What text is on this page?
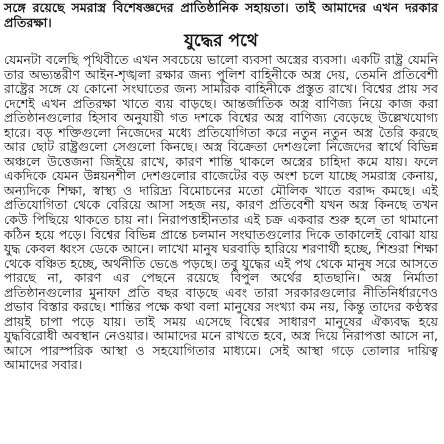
সঙ্গে রয়েছে সমরাস্ত্র বিশেষজ্ঞদের প্রাতিষ্ঠানিক সহায়তা। তাই আমাদের এখন দরকার প্রতিরক্ষা।

যুদ্ধের পথে

যেমনটা বলেছি পৃথিবীতে এখন সবচেয়ে ভালো ব্যবসা অস্ত্রের ব্যবসা। একটি রাষ্ট্র যেমনি তার অভ্যন্তরীণ আইন-শৃঙ্খলা রক্ষার জন্য পুলিশ বাহিনীকে অস্ত্র দেয়, তেমনি প্রতিবেশী রাষ্ট্রের সঙ্গে যে কোনো সংঘাতের জন্য সামরিক বাহিনীকে প্রস্তুত রাখে। বিশ্বের প্রায় সব দেশেই এখন প্রতিরক্ষা খাতে ব্যয় বাড়ছে। আন্তর্জাতিক অস্ত্র বাণিজ্য নিয়ে কাজ করা প্রতিষ্ঠানগুলোর হিসাব অনুযায়ী গত দশকে বিশ্বের অস্ত্র বাণিজ্য বেড়েছে উল্লেখযোগ্য হারে। বড় শক্তিগুলো নিজেদের মধ্যে প্রতিযোগিতা করে নতুন নতুন অস্ত্র তৈরি করছে আর ছোট রাষ্ট্রগুলো সেগুলো কিনছে। অস্ত্র বিক্রেতা দেশগুলো নিজেদের স্বার্থে বিভিন্ন অঞ্চলে উত্তেজনা জিইয়ে রাখে, কারণ শান্তি থাকলে অস্ত্রের চাহিদা কমে যায়। ফলে একদিকে যেমন উন্নয়নশীল দেশগুলোর বাজেটের বড় অংশ চলে যাচ্ছে সমরাস্ত্র কেনায়, অন্যদিকে শিক্ষা, স্বাস্থ্য ও দারিদ্র্য বিমোচনের মতো মৌলিক খাতে বরাদ্দ কমছে। এই প্রতিযোগিতা থেকে বেরিয়ে আসা সহজ নয়, কারণ প্রতিবেশী যখন অস্ত্র কিনছে তখন কেউ পিছিয়ে থাকতে চায় না। নিরাপত্তাহীনতার এই চক্র একবার শুরু হলে তা থামানো কঠিন হয়ে পড়ে। বিশ্বের বিভিন্ন প্রান্তে চলমান সংঘাতগুলোর দিকে তাকালেই বোঝা যায় যুদ্ধ কেবল ধ্বংস ডেকে আনে। লাখো মানুষ ঘরবাড়ি হারিয়ে শরণার্থী হচ্ছে, শিশুরা শিক্ষা থেকে বঞ্চিত হচ্ছে, অর্থনীতি ভেঙে পড়ছে। তবু যুদ্ধের এই পথ থেকে মানুষ সরে আসতে পারছে না, কারণ এর পেছনে রয়েছে বিপুল অর্থের হাতছানি। অস্ত্র নির্মাতা প্রতিষ্ঠানগুলোর মুনাফা প্রতি বছর বাড়ছে এবং তারা সরকারগুলোর নীতিনির্ধারণেও প্রভাব বিস্তার করছে। শান্তির পক্ষে কথা বলা মানুষের সংখ্যা কম নয়, কিন্তু তাদের কণ্ঠস্বর প্রায়ই চাপা পড়ে যায়। তাই সময় এসেছে বিশ্বের সাধারণ মানুষের ঐক্যবদ্ধ হয়ে যুদ্ধবিরোধী অবস্থান নেওয়ার। আমাদের মনে রাখতে হবে, অস্ত্র দিয়ে নিরাপত্তা আসে না, আসে পারস্পরিক আস্থা ও সহযোগিতার মাধ্যমে। সেই আস্থা গড়ে তোলার দায়িত্ব আমাদের সবার।
